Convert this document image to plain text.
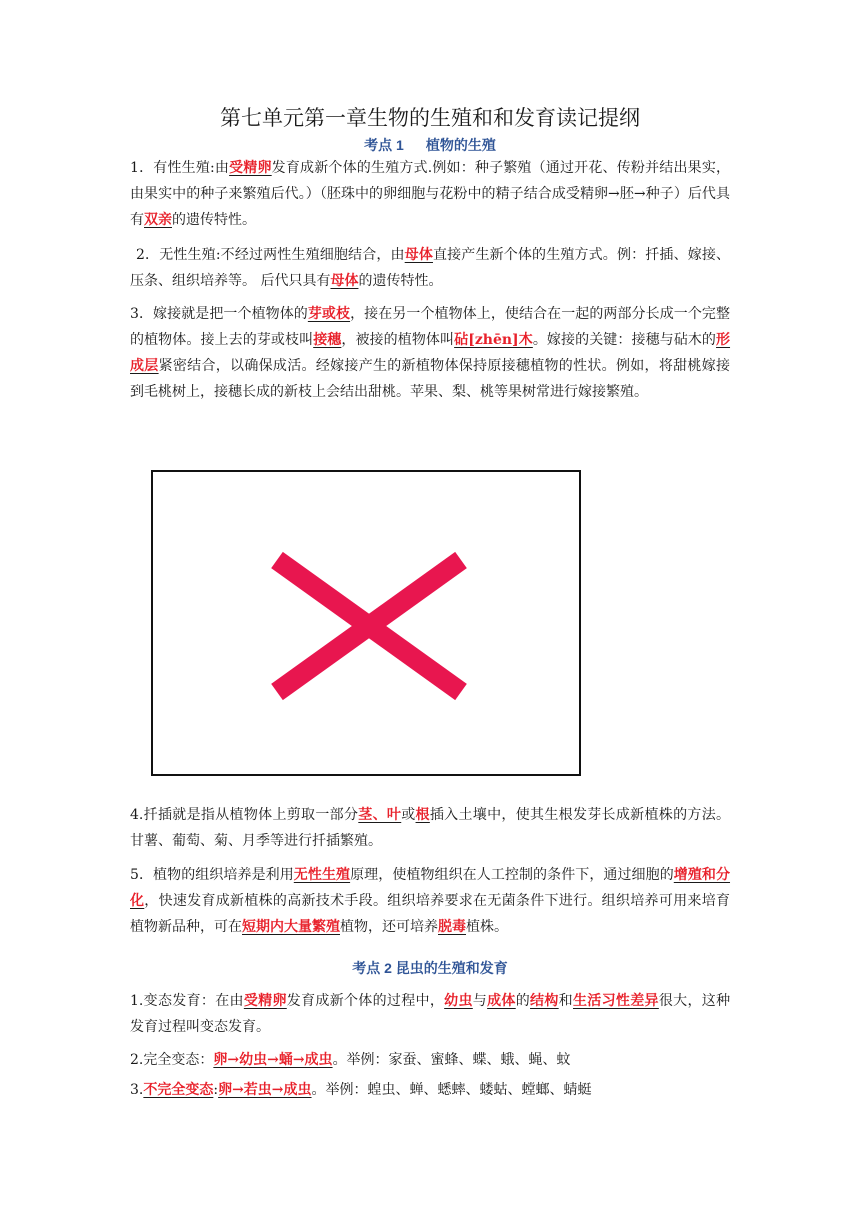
第七单元第一章生物的生殖和和发育读记提纲
考点 1 植物的生殖
1．有性生殖:由受精卵发育成新个体的生殖方式.例如：种子繁殖（通过开花、传粉并结出果实，由果实中的种子来繁殖后代。）（胚珠中的卵细胞与花粉中的精子结合成受精卵→胚→种子）后代具有双亲的遗传特性。
2．无性生殖:不经过两性生殖细胞结合，由母体直接产生新个体的生殖方式。例：扦插、嫁接、压条、组织培养等。 后代只具有母体的遗传特性。
3．嫁接就是把一个植物体的芽或枝，接在另一个植物体上，使结合在一起的两部分长成一个完整的植物体。接上去的芽或枝叫接穗，被接的植物体叫砧[zhēn]木。嫁接的关键：接穗与砧木的形成层紧密结合，以确保成活。经嫁接产生的新植物体保持原接穗植物的性状。例如，将甜桃嫁接到毛桃树上，接穗长成的新枝上会结出甜桃。苹果、梨、桃等果树常进行嫁接繁殖。
4.扦插就是指从植物体上剪取一部分茎、叶或根插入土壤中，使其生根发芽长成新植株的方法。甘薯、葡萄、菊、月季等进行扦插繁殖。
5．植物的组织培养是利用无性生殖原理，使植物组织在人工控制的条件下，通过细胞的增殖和分化，快速发育成新植株的高新技术手段。组织培养要求在无菌条件下进行。组织培养可用来培育植物新品种，可在短期内大量繁殖植物，还可培养脱毒植株。
考点 2 昆虫的生殖和发育
1.变态发育：在由受精卵发育成新个体的过程中，幼虫与成体的结构和生活习性差异很大，这种发育过程叫变态发育。
2.完全变态：卵→幼虫→蛹→成虫。举例：家蚕、蜜蜂、蝶、蛾、蝇、蚊
3.不完全变态:卵→若虫→成虫。举例：蝗虫、蝉、蟋蟀、蝼蛄、螳螂、蜻蜓
